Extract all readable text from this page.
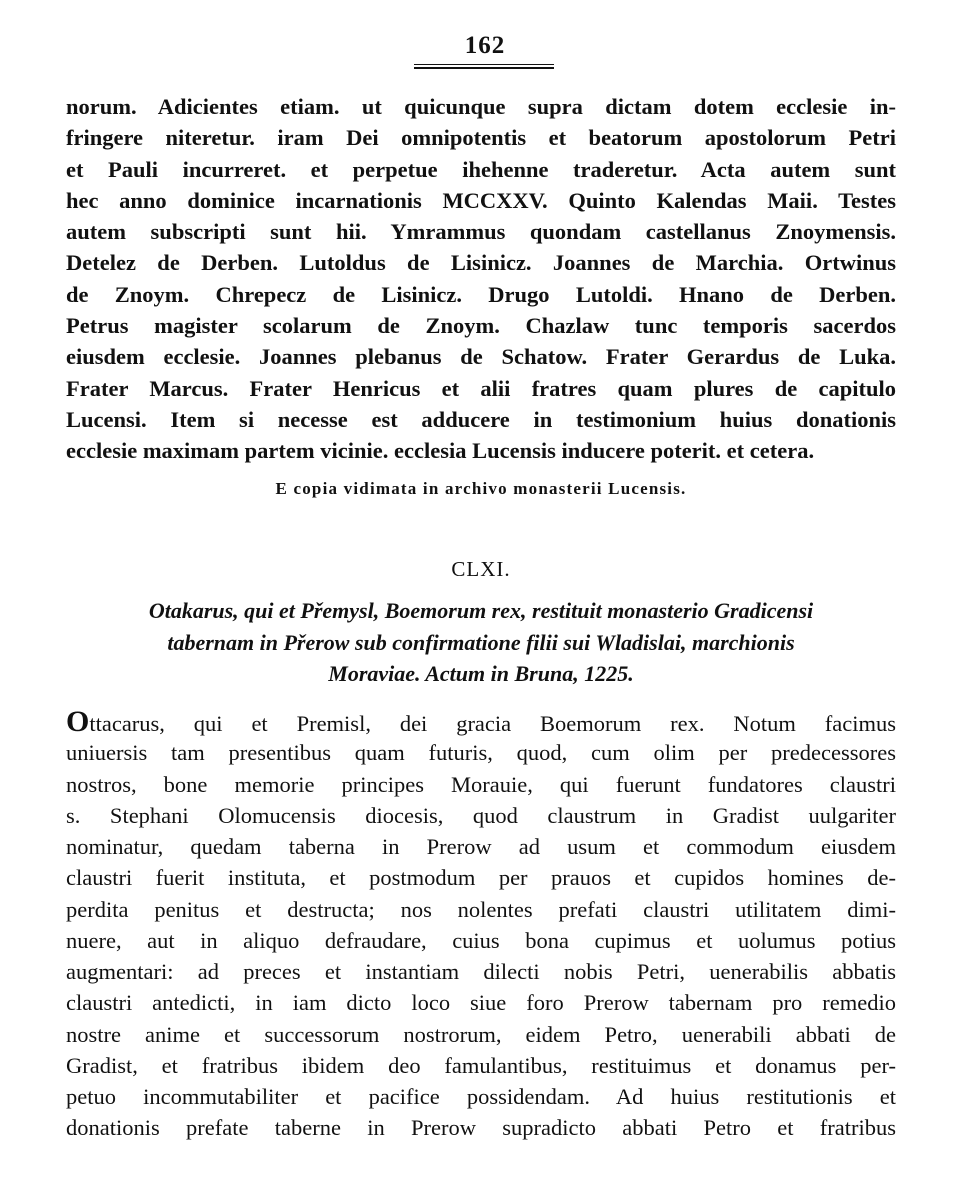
162
norum. Adicientes etiam. ut quicunque supra dictam dotem ecclesie in-
fringere niteretur. iram Dei omnipotentis et beatorum apostolorum Petri
et Pauli incurreret. et perpetue ihehenne traderetur. Acta autem sunt
hec anno dominice incarnationis MCCXXV. Quinto Kalendas Maii. Testes
autem subscripti sunt hii. Ymrammus quondam castellanus Znoymensis.
Detelez de Derben. Lutoldus de Lisinicz. Joannes de Marchia. Ortwinus
de Znoym. Chrepecz de Lisinicz. Drugo Lutoldi. Hnano de Derben.
Petrus magister scolarum de Znoym. Chazlaw tunc temporis sacerdos
eiusdem ecclesie. Joannes plebanus de Schatow. Frater Gerardus de Luka.
Frater Marcus. Frater Henricus et alii fratres quam plures de capitulo
Lucensi. Item si necesse est adducere in testimonium huius donationis
ecclesie maximam partem vicinie. ecclesia Lucensis inducere poterit. et cetera.
E copia vidimata in archivo monasterii Lucensis.
CLXI.
Otakarus, qui et Přemysl, Boemorum rex, restituit monasterio Gradicensi
tabernam in Přerow sub confirmatione filii sui Wladislai, marchionis
Moraviae. Actum in Bruna, 1225.
Ottacarus, qui et Premisl, dei gracia Boemorum rex. Notum facimus
uniuersis tam presentibus quam futuris, quod, cum olim per predecessores
nostros, bone memorie principes Morauie, qui fuerunt fundatores claustri
s. Stephani Olomucensis diocesis, quod claustrum in Gradist uulgariter
nominatur, quedam taberna in Prerow ad usum et commodum eiusdem
claustri fuerit instituta, et postmodum per prauos et cupidos homines de-
perdita penitus et destructa; nos nolentes prefati claustri utilitatem dimi-
nuere, aut in aliquo defraudare, cuius bona cupimus et uolumus potius
augmentari: ad preces et instantiam dilecti nobis Petri, uenerabilis abbatis
claustri antedicti, in iam dicto loco siue foro Prerow tabernam pro remedio
nostre anime et successorum nostrorum, eidem Petro, uenerabili abbati de
Gradist, et fratribus ibidem deo famulantibus, restituimus et donamus per-
petuo incommutabiliter et pacifice possidendam. Ad huius restitutionis et
donationis prefate taberne in Prerow supradicto abbati Petro et fratribus
